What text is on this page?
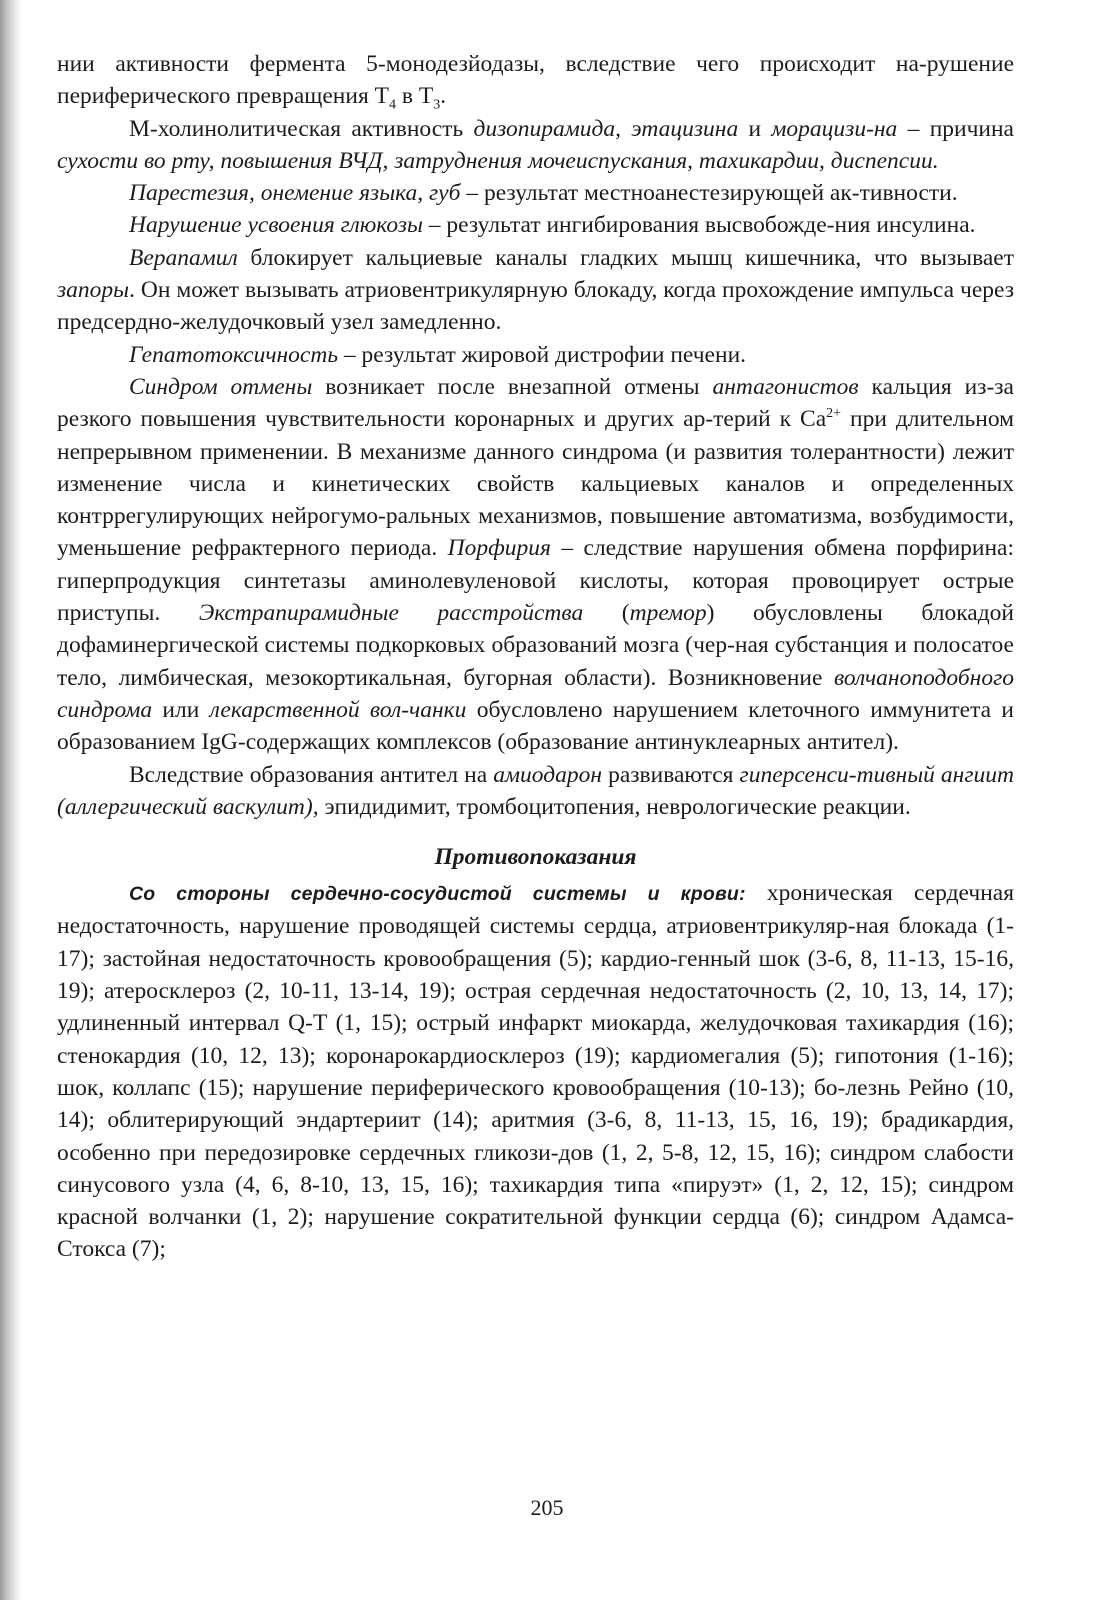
нии активности фермента 5-монодезйодазы, вследствие чего происходит на-рушение периферического превращения $Т_4$ в $Т_3$.

М-холинолитическая активность дизопирамида, этацизина и морацизи-на – причина сухости во рту, повышения ВЧД, затруднения мочеиспускания, тахикардии, диспепсии.

Парестезия, онемение языка, губ – результат местноанестезирующей ак-тивности.

Нарушение усвоения глюкозы – результат ингибирования высвобожде-ния инсулина.

Верапамил блокирует кальциевые каналы гладких мышц кишечника, что вызывает запоры. Он может вызывать атриовентрикулярную блокаду, когда прохождение импульса через предсердно-желудочковый узел замедленно.

Гепатотоксичность – результат жировой дистрофии печени.

Синдром отмены возникает после внезапной отмены антагонистов кальция из-за резкого повышения чувствительности коронарных и других ар-терий к $Са^{2+}$ при длительном непрерывном применении. В механизме данного синдрома (и развития толерантности) лежит изменение числа и кинетических свойств кальциевых каналов и определенных контррегулирующих нейрогумо-ральных механизмов, повышение автоматизма, возбудимости, уменьшение рефрактерного периода. Порфирия – следствие нарушения обмена порфирина: гиперпродукция синтетазы аминолевуленовой кислоты, которая провоцирует острые приступы. Экстрапирамидные расстройства (тремор) обусловлены блокадой дофаминергической системы подкорковых образований мозга (чер-ная субстанция и полосатое тело, лимбическая, мезокортикальная, бугорная области). Возникновение волчаноподобного синдрома или лекарственной вол-чанки обусловлено нарушением клеточного иммунитета и образованием IgG-содержащих комплексов (образование антинуклеарных антител).

Вследствие образования антител на амиодарон развиваются гиперсенси-тивный ангиит (аллергический васкулит), эпидидимит, тромбоцитопения, неврологические реакции.

Противопоказания

Со стороны сердечно-сосудистой системы и крови: хроническая сердечная недостаточность, нарушение проводящей системы сердца, атриовентрикуляр-ная блокада (1-17); застойная недостаточность кровообращения (5); кардио-генный шок (3-6, 8, 11-13, 15-16, 19); атеросклероз (2, 10-11, 13-14, 19); острая сердечная недостаточность (2, 10, 13, 14, 17); удлиненный интервал Q-T (1, 15); острый инфаркт миокарда, желудочковая тахикардия (16); стенокардия (10, 12, 13); коронарокардиосклероз (19); кардиомегалия (5); гипотония (1-16); шок, коллапс (15); нарушение периферического кровообращения (10-13); бо-лезнь Рейно (10, 14); облитерирующий эндартериит (14); аритмия (3-6, 8, 11-13, 15, 16, 19); брадикардия, особенно при передозировке сердечных гликози-дов (1, 2, 5-8, 12, 15, 16); синдром слабости синусового узла (4, 6, 8-10, 13, 15, 16); тахикардия типа «пируэт» (1, 2, 12, 15); синдром красной волчанки (1, 2); нарушение сократительной функции сердца (6); синдром Адамса-Стокса (7);

205
